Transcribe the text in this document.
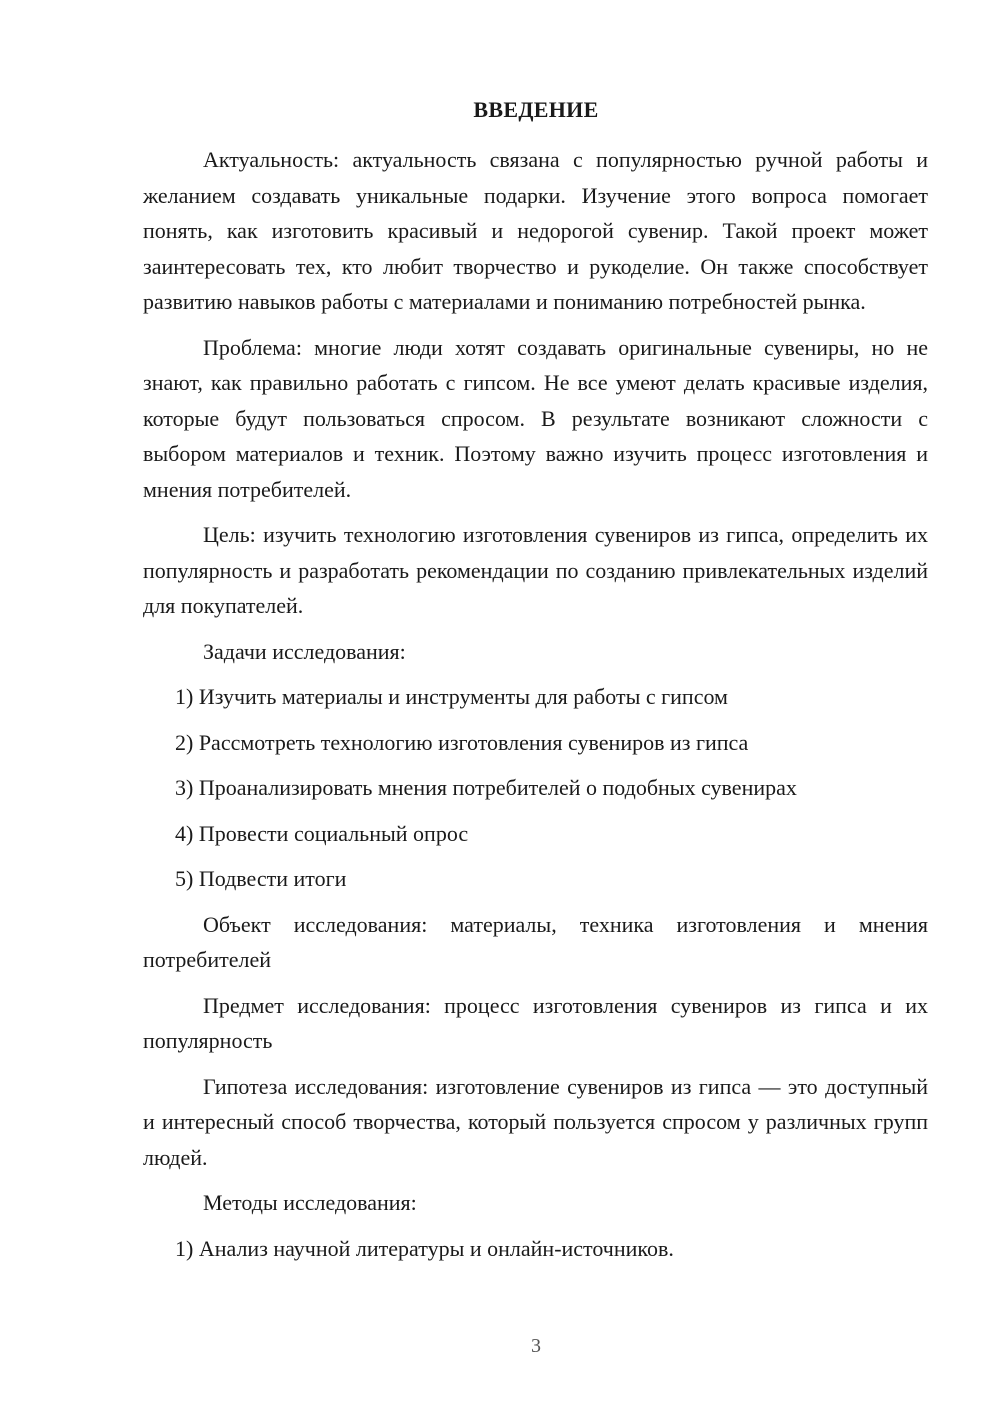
ВВЕДЕНИЕ

Актуальность: актуальность связана с популярностью ручной работы и желанием создавать уникальные подарки. Изучение этого вопроса помогает понять, как изготовить красивый и недорогой сувенир. Такой проект может заинтересовать тех, кто любит творчество и рукоделие. Он также способствует развитию навыков работы с материалами и пониманию потребностей рынка.

Проблема: многие люди хотят создавать оригинальные сувениры, но не знают, как правильно работать с гипсом. Не все умеют делать красивые изделия, которые будут пользоваться спросом. В результате возникают сложности с выбором материалов и техник. Поэтому важно изучить процесс изготовления и мнения потребителей.

Цель: изучить технологию изготовления сувениров из гипса, определить их популярность и разработать рекомендации по созданию привлекательных изделий для покупателей.

Задачи исследования:

1) Изучить материалы и инструменты для работы с гипсом

2) Рассмотреть технологию изготовления сувениров из гипса

3) Проанализировать мнения потребителей о подобных сувенирах

4) Провести социальный опрос

5) Подвести итоги

Объект исследования: материалы, техника изготовления и мнения потребителей

Предмет исследования: процесс изготовления сувениров из гипса и их популярность

Гипотеза исследования: изготовление сувениров из гипса — это доступный и интересный способ творчества, который пользуется спросом у различных групп людей.

Методы исследования:

1) Анализ научной литературы и онлайн-источников.

3
